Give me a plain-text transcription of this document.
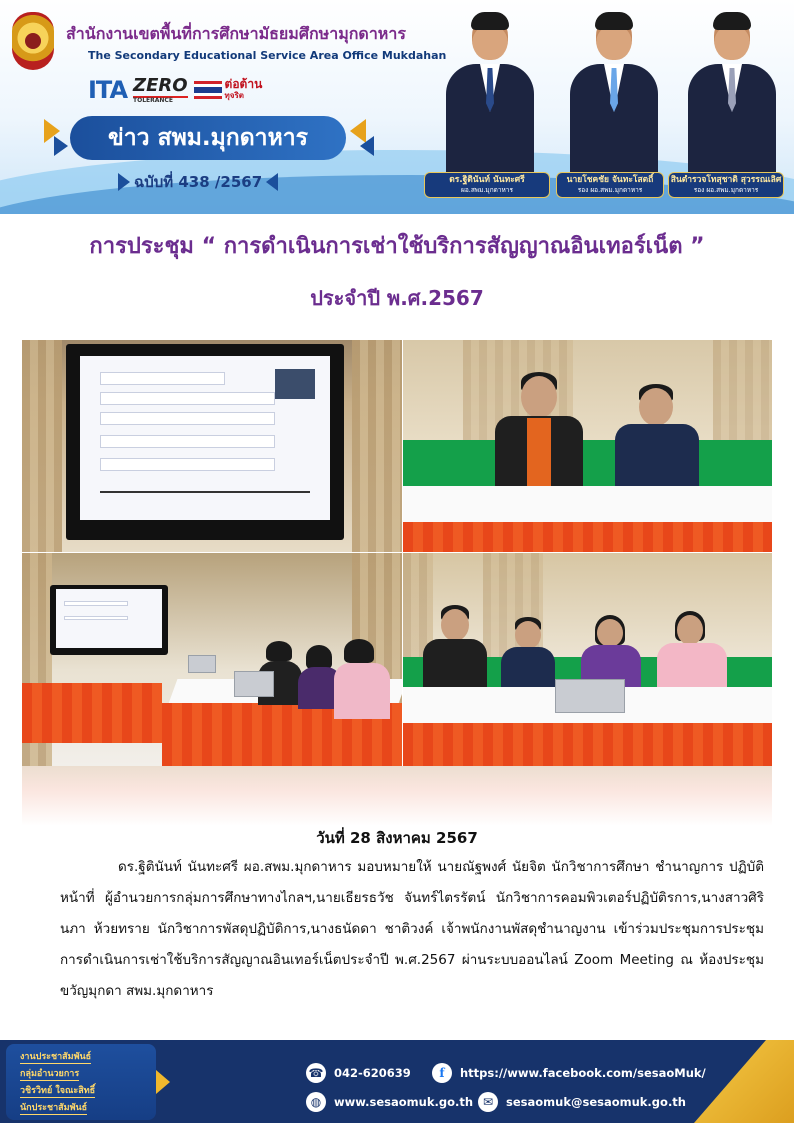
สำนักงานเขตพื้นที่การศึกษามัธยมศึกษามุกดาหาร
The Secondary Educational Service Area Office Mukdahan
ITA ZERO
TOLERANCE
ต่อต้าน
ทุจริต
ข่าว สพม.มุกดาหาร
ฉบับที่ 438 /2567	ดร.ฐิตินันท์ นันทะศรี
ผอ.สพม.มุกดาหาร
นายโชคชัย จันทะโสตถิ์
รอง ผอ.สพม.มุกดาหาร
สินตำรวจโทสุชาติ สุวรรณเลิศ
รอง ผอ.สพม.มุกดาหาร
การประชุม “ การดำเนินการเช่าใช้บริการสัญญาณอินเทอร์เน็ต ”
ประจำปี พ.ศ.2567
วันที่ 28 สิงหาคม 2567
ดร.ฐิตินันท์ นันทะศรี ผอ.สพม.มุกดาหาร มอบหมายให้ นายณัฐพงศ์ นัยจิต นักวิชาการศึกษา ชำนาญการ ปฏิบัติหน้าที่ ผู้อำนวยการกลุ่มการศึกษาทางไกลฯ,นายเธียรธวัช จันทร์ไตรรัตน์ นักวิชาการคอมพิวเตอร์ปฏิบัติรการ,นางสาวศิรินภา ห้วยทราย นักวิชาการพัสดุปฏิบัติการ,นางธนัดดา ชาติวงค์ เจ้าพนักงานพัสดุชำนาญงาน เข้าร่วมประชุมการประชุม การดำเนินการเช่าใช้บริการสัญญาณอินเทอร์เน็ตประจำปี พ.ศ.2567 ผ่านระบบออนไลน์ Zoom Meeting ณ ห้องประชุมขวัญมุกดา สพม.มุกดาหาร
งานประชาสัมพันธ์
กลุ่มอำนวยการ
วชิรวิทย์ ใจณะสิทธิ์
นักประชาสัมพันธ์
☎ 042-620639	f	https://www.facebook.com/sesaoMuk/
◍	www.sesaomuk.go.th ✉	sesaomuk@sesaomuk.go.th
